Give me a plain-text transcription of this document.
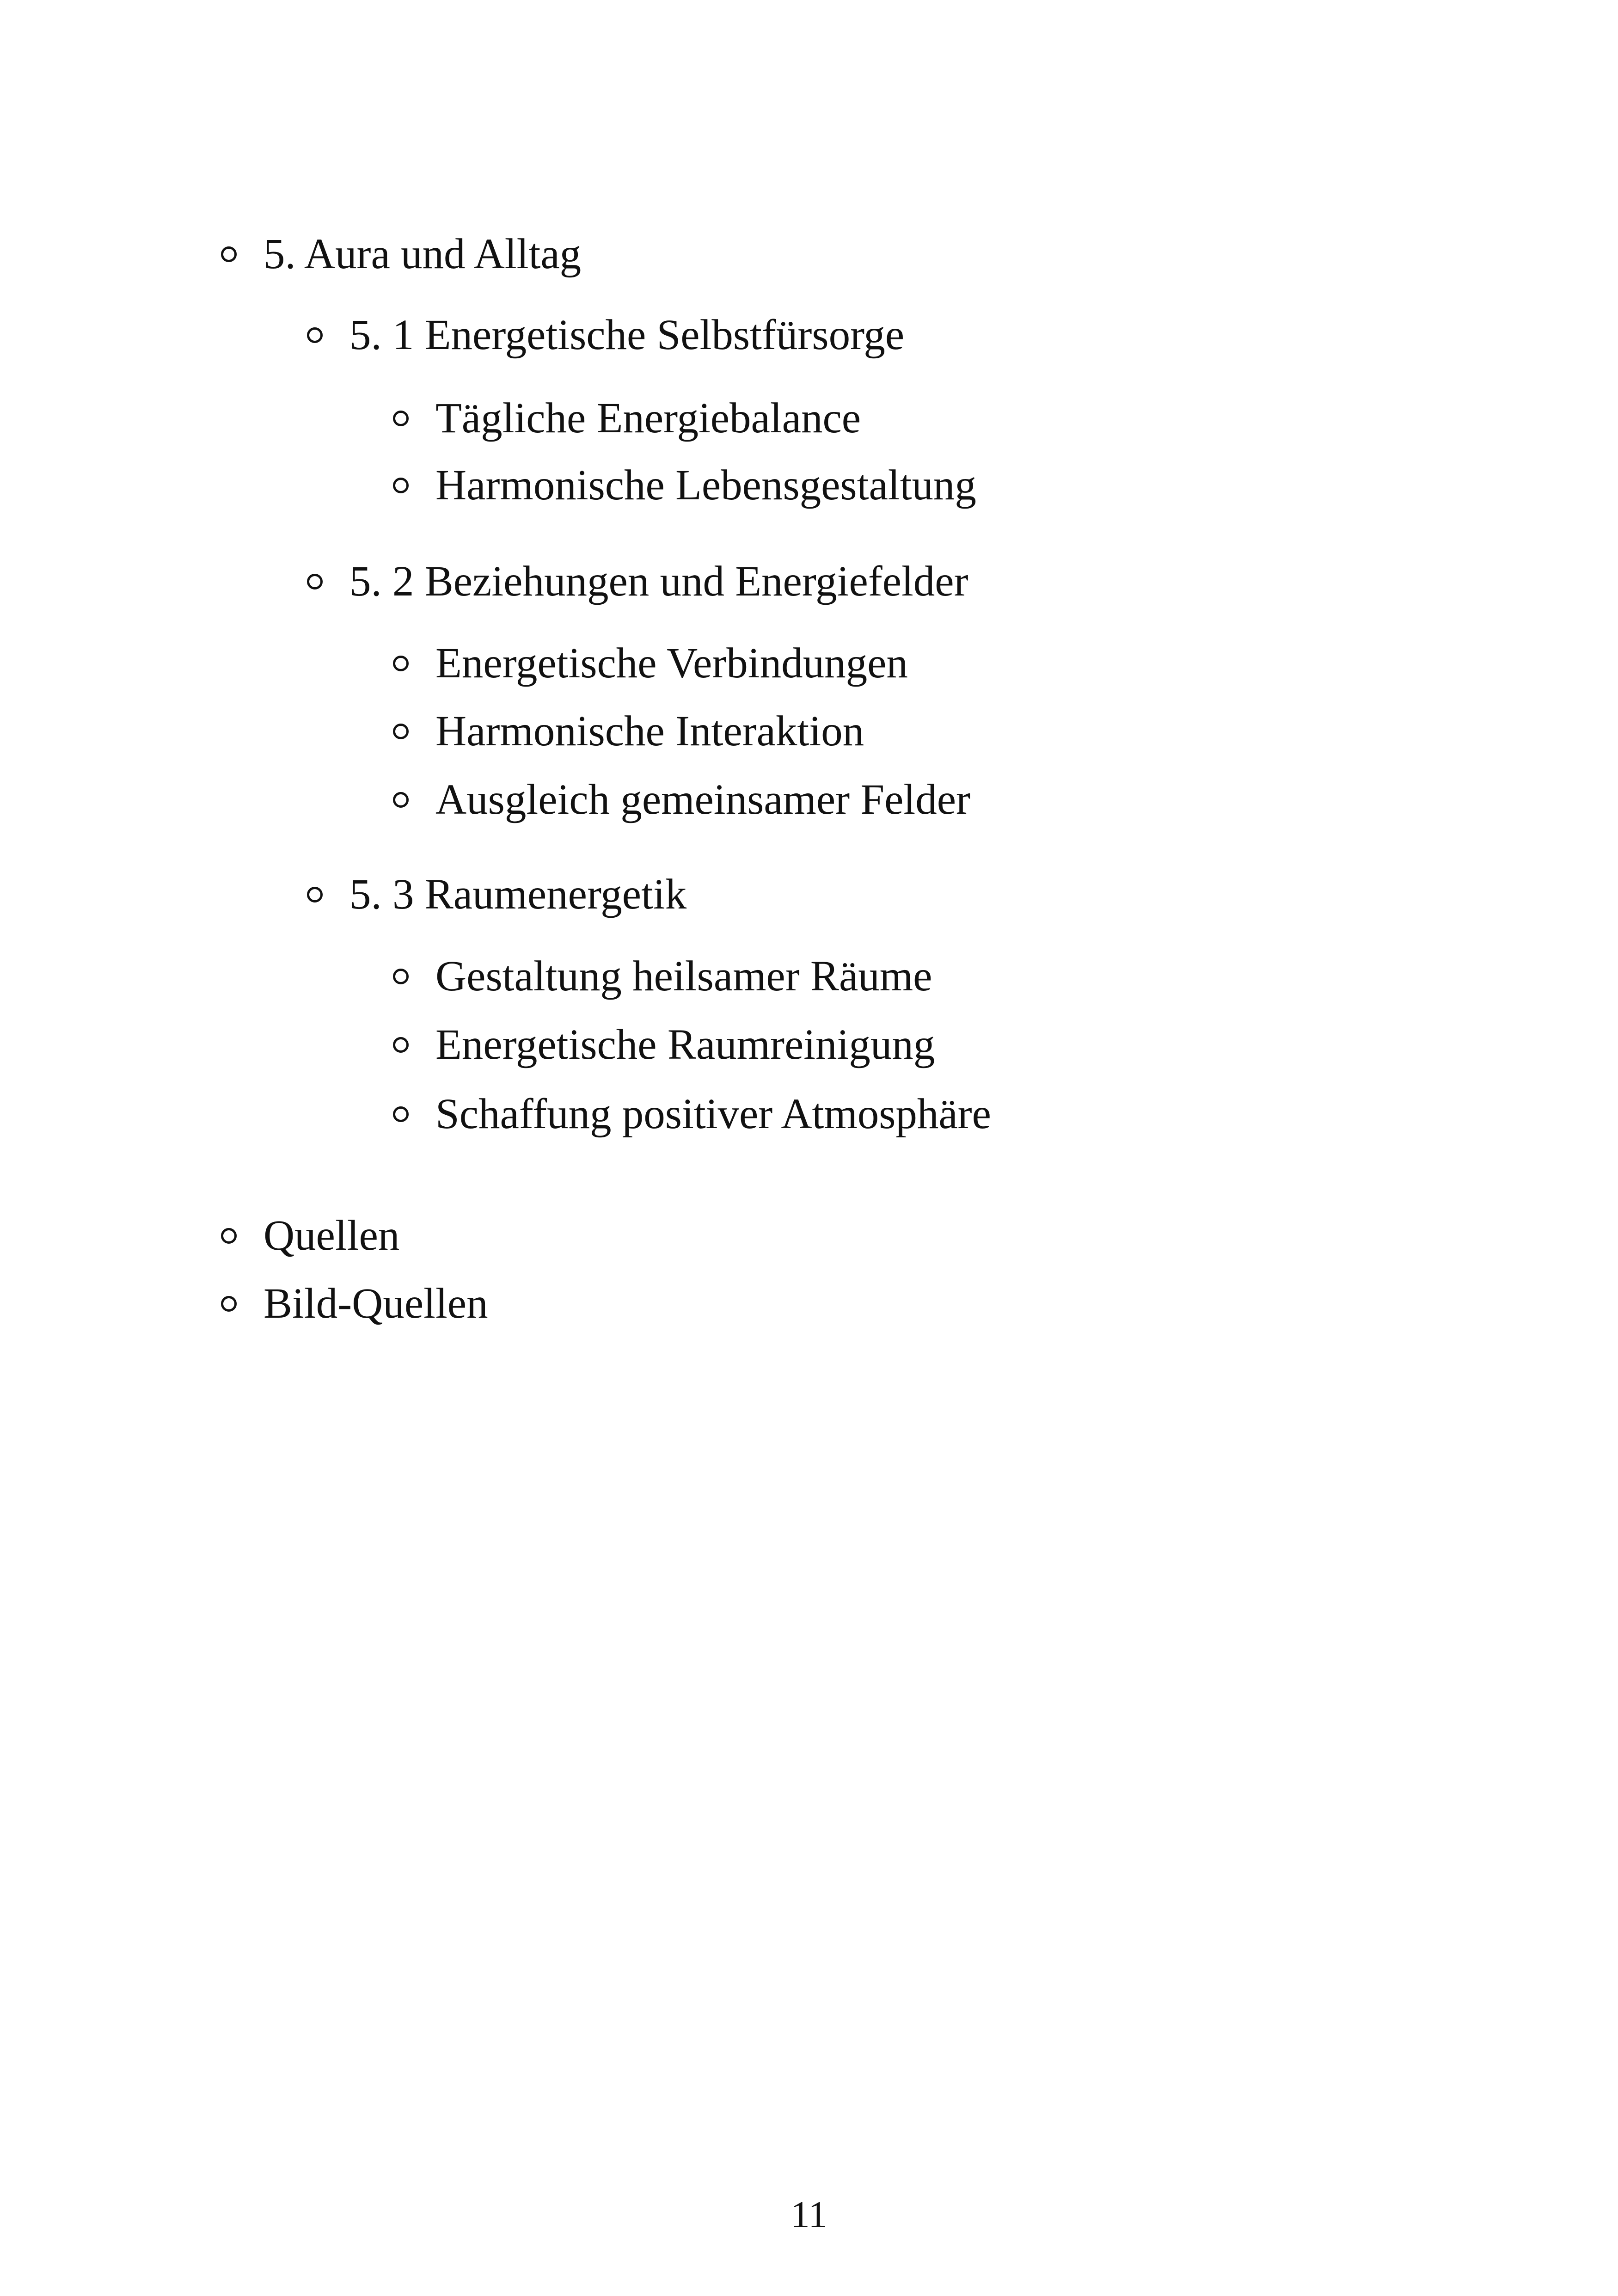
5. Aura und Alltag
5. 1 Energetische Selbstfürsorge
Tägliche Energiebalance
Harmonische Lebensgestaltung
5. 2 Beziehungen und Energiefelder
Energetische Verbindungen
Harmonische Interaktion
Ausgleich gemeinsamer Felder
5. 3 Raumenergetik
Gestaltung heilsamer Räume
Energetische Raumreinigung
Schaffung positiver Atmosphäre
Quellen
Bild-Quellen
11
